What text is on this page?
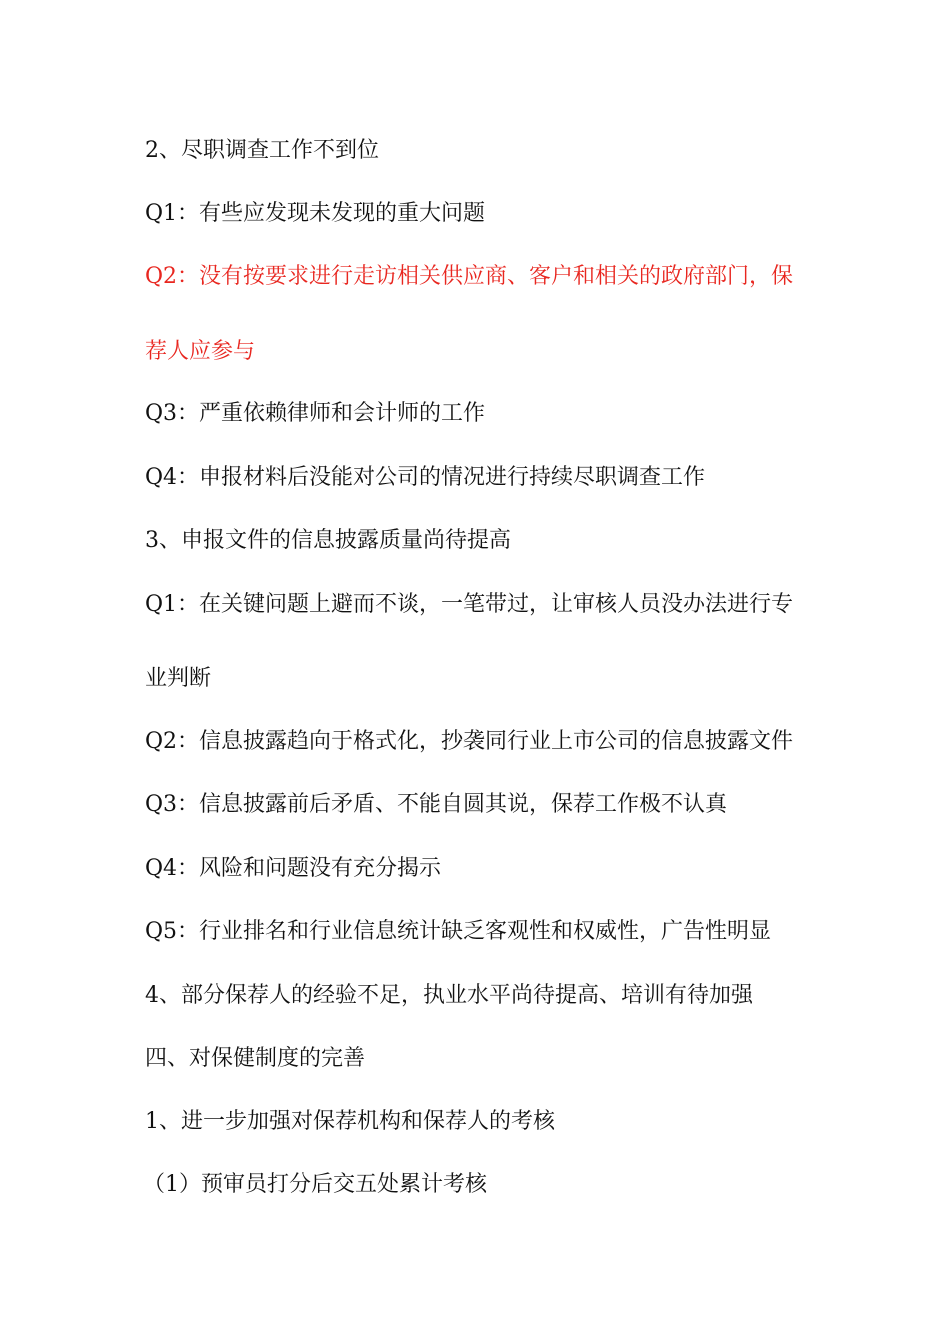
2、尽职调查工作不到位
Q1：有些应发现未发现的重大问题
Q2：没有按要求进行走访相关供应商、客户和相关的政府部门，保
荐人应参与
Q3：严重依赖律师和会计师的工作
Q4：申报材料后没能对公司的情况进行持续尽职调查工作
3、申报文件的信息披露质量尚待提高
Q1：在关键问题上避而不谈，一笔带过，让审核人员没办法进行专
业判断
Q2：信息披露趋向于格式化，抄袭同行业上市公司的信息披露文件
Q3：信息披露前后矛盾、不能自圆其说，保荐工作极不认真
Q4：风险和问题没有充分揭示
Q5：行业排名和行业信息统计缺乏客观性和权威性，广告性明显
4、部分保荐人的经验不足，执业水平尚待提高、培训有待加强
四、对保健制度的完善
1、进一步加强对保荐机构和保荐人的考核
（1）预审员打分后交五处累计考核
